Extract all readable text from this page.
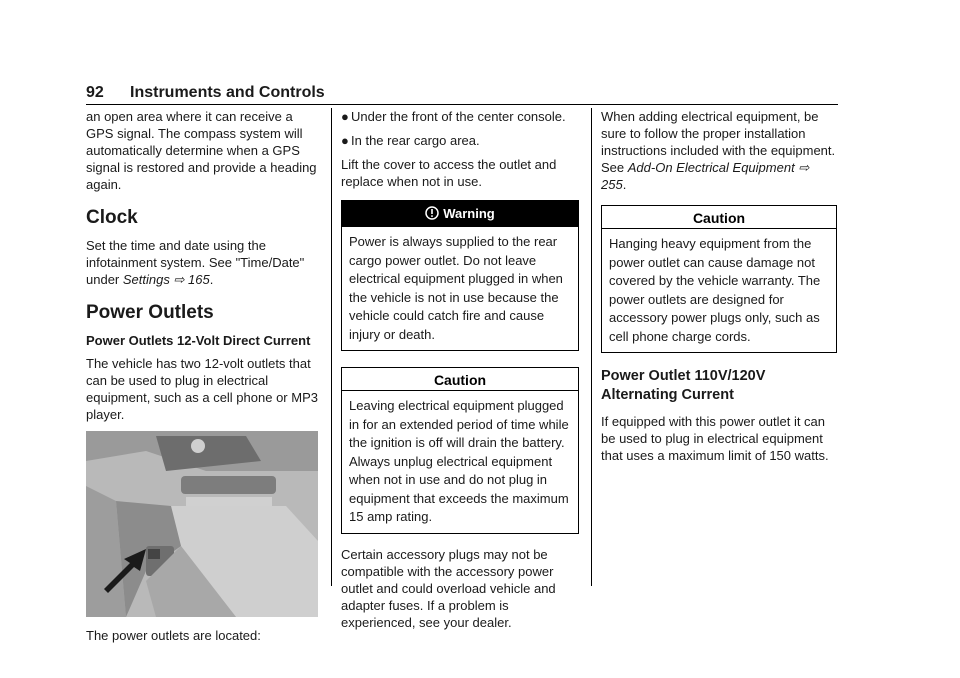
92 Instruments and Controls

an open area where it can receive a GPS signal. The compass system will automatically determine when a GPS signal is restored and provide a heading again.

Clock

Set the time and date using the infotainment system. See "Time/Date" under Settings ⇨ 165.

Power Outlets
Power Outlets 12-Volt Direct Current

The vehicle has two 12-volt outlets that can be used to plug in electrical equipment, such as a cell phone or MP3 player.

The power outlets are located:

● Under the front of the center console.
● In the rear cargo area.

Lift the cover to access the outlet and replace when not in use.

Warning
Power is always supplied to the rear cargo power outlet. Do not leave electrical equipment plugged in when the vehicle is not in use because the vehicle could catch fire and cause injury or death.
Caution
Leaving electrical equipment plugged in for an extended period of time while the ignition is off will drain the battery. Always unplug electrical equipment when not in use and do not plug in equipment that exceeds the maximum 15 amp rating.

Certain accessory plugs may not be compatible with the accessory power outlet and could overload vehicle and adapter fuses. If a problem is experienced, see your dealer.

When adding electrical equipment, be sure to follow the proper installation instructions included with the equipment. See Add-On Electrical Equipment ⇨ 255.

Caution
Hanging heavy equipment from the power outlet can cause damage not covered by the vehicle warranty. The power outlets are designed for accessory power plugs only, such as cell phone charge cords.
Power Outlet 110V/120V Alternating Current

If equipped with this power outlet it can be used to plug in electrical equipment that uses a maximum limit of 150 watts.
